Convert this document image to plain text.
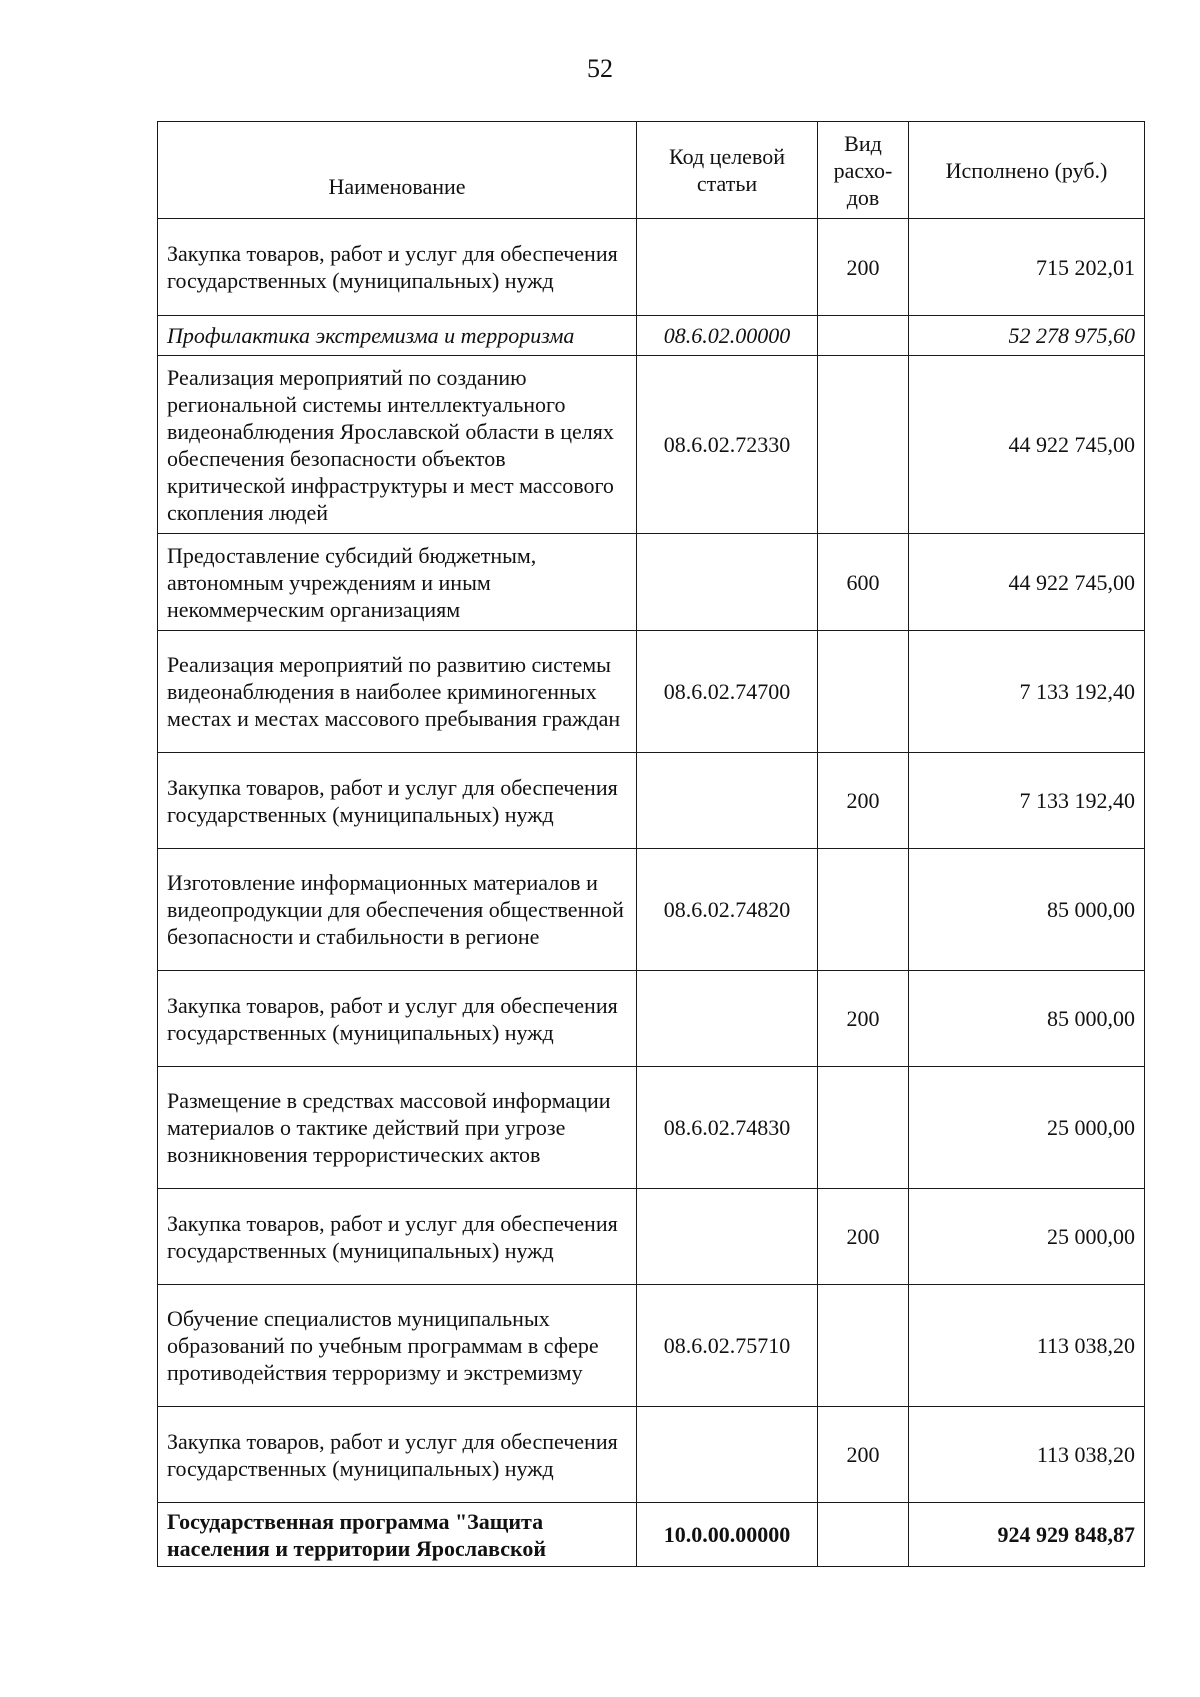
52
Наименование	Код целевой статьи	Вид расхо-дов	Исполнено (руб.)
Закупка товаров, работ и услуг для обеспечения государственных (муниципальных) нужд		200	715 202,01
Профилактика экстремизма и терроризма	08.6.02.00000		52 278 975,60
Реализация мероприятий по созданию региональной системы интеллектуального видеонаблюдения Ярославской области в целях обеспечения безопасности объектов критической инфраструктуры и мест массового скопления людей	08.6.02.72330		44 922 745,00
Предоставление субсидий бюджетным, автономным учреждениям и иным некоммерческим организациям		600	44 922 745,00
Реализация мероприятий по развитию системы видеонаблюдения в наиболее криминогенных местах и местах массового пребывания граждан	08.6.02.74700		7 133 192,40
Закупка товаров, работ и услуг для обеспечения государственных (муниципальных) нужд		200	7 133 192,40
Изготовление информационных материалов и видеопродукции для обеспечения общественной безопасности и стабильности в регионе	08.6.02.74820		85 000,00
Закупка товаров, работ и услуг для обеспечения государственных (муниципальных) нужд		200	85 000,00
Размещение в средствах массовой информации материалов о тактике действий при угрозе возникновения террористических актов	08.6.02.74830		25 000,00
Закупка товаров, работ и услуг для обеспечения государственных (муниципальных) нужд		200	25 000,00
Обучение специалистов муниципальных образований по учебным программам в сфере противодействия терроризму и экстремизму	08.6.02.75710		113 038,20
Закупка товаров, работ и услуг для обеспечения государственных (муниципальных) нужд		200	113 038,20
Государственная программа "Защита населения и территории Ярославской	10.0.00.00000		924 929 848,87
